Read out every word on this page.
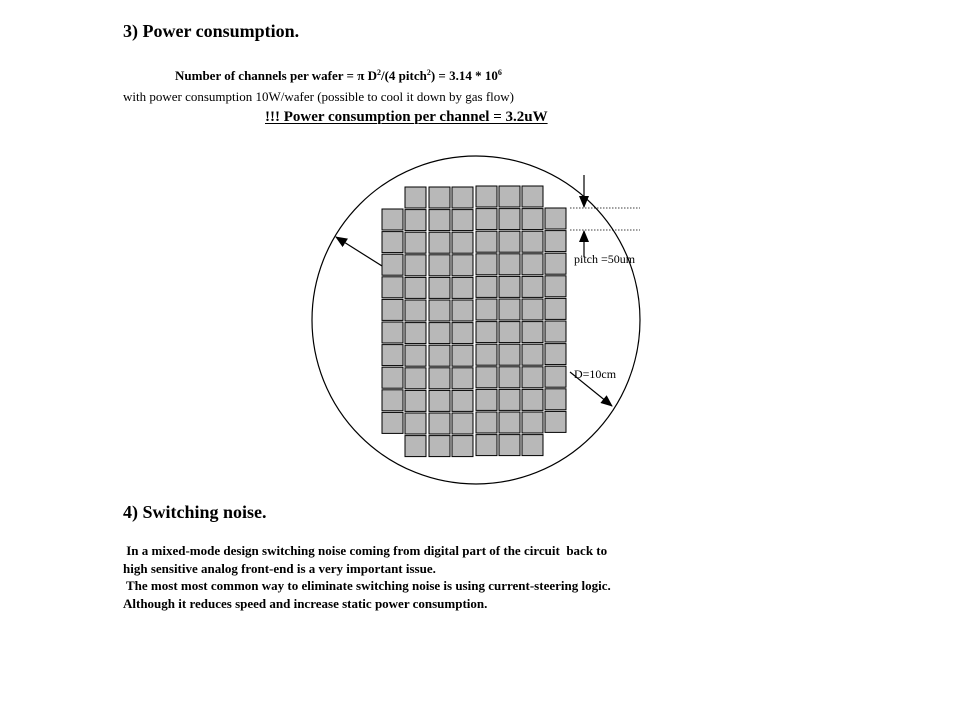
3) Power consumption.
Number of channels per wafer = π $D^2/(4$ pitch$^2$) = $3.14 * 10^6$
with power consumption 10W/wafer (possible to cool it down by gas flow)
!!! Power consumption per channel = 3.2uW
pitch =50um
D=10cm
4) Switching noise.

In a mixed-mode design switching noise coming from digital part of the circuit  back to

high sensitive analog front-end is a very important issue.

The most most common way to eliminate switching noise is using current-steering logic.

Although it reduces speed and increase static power consumption.
